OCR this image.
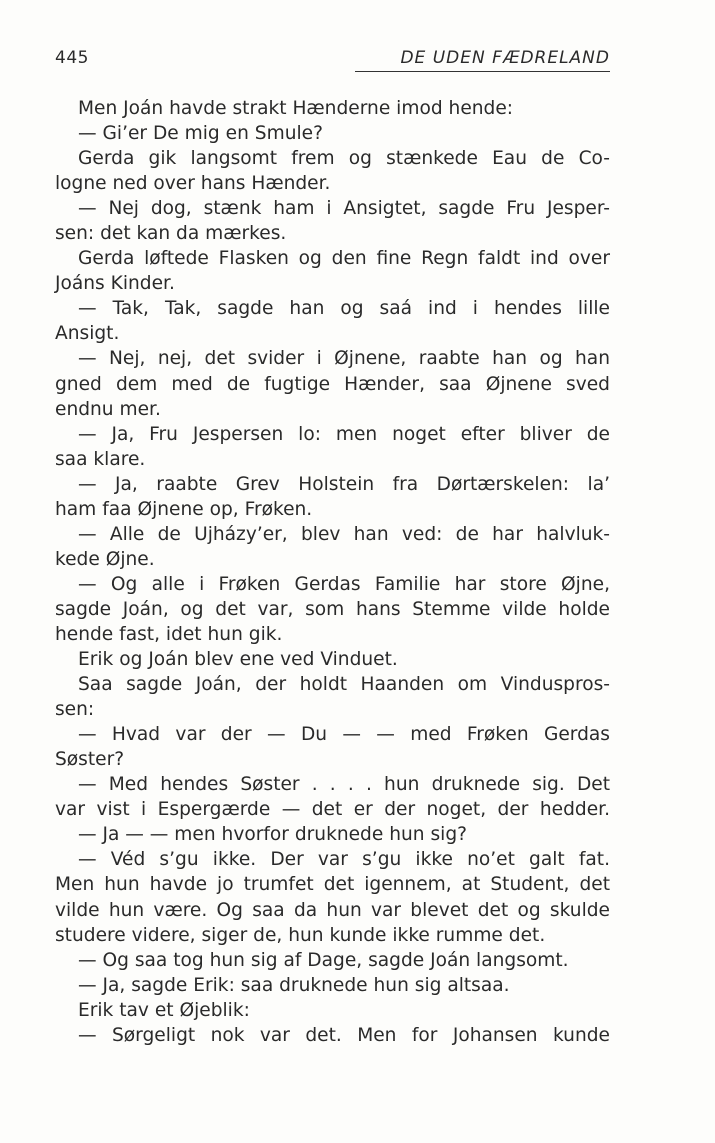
445	DE UDEN FÆDRELAND
Men Joán havde strakt Hænderne imod hende:
— Gi’er De mig en Smule?
Gerda gik langsomt frem og stænkede Eau de Co-
logne ned over hans Hænder.
— Nej dog, stænk ham i Ansigtet, sagde Fru Jesper-
sen: det kan da mærkes.
Gerda løftede Flasken og den fine Regn faldt ind over
Joáns Kinder.
— Tak, Tak, sagde han og saá ind i hendes lille
Ansigt.
— Nej, nej, det svider i Øjnene, raabte han og han
gned dem med de fugtige Hænder, saa Øjnene sved
endnu mer.
— Ja, Fru Jespersen lo: men noget efter bliver de
saa klare.
— Ja, raabte Grev Holstein fra Dørtærskelen: la’
ham faa Øjnene op, Frøken.
— Alle de Ujházy’er, blev han ved: de har halvluk-
kede Øjne.
— Og alle i Frøken Gerdas Familie har store Øjne,
sagde Joán, og det var, som hans Stemme vilde holde
hende fast, idet hun gik.
Erik og Joán blev ene ved Vinduet.
Saa sagde Joán, der holdt Haanden om Vinduspros-
sen:
— Hvad var der — Du — — med Frøken Gerdas
Søster?
— Med hendes Søster . . . . hun druknede sig. Det
var vist i Espergærde — det er der noget, der hedder.
— Ja — — men hvorfor druknede hun sig?
— Véd s’gu ikke. Der var s’gu ikke no’et galt fat.
Men hun havde jo trumfet det igennem, at Student, det
vilde hun være. Og saa da hun var blevet det og skulde
studere videre, siger de, hun kunde ikke rumme det.
— Og saa tog hun sig af Dage, sagde Joán langsomt.
— Ja, sagde Erik: saa druknede hun sig altsaa.
Erik tav et Øjeblik:
— Sørgeligt nok var det. Men for Johansen kunde
